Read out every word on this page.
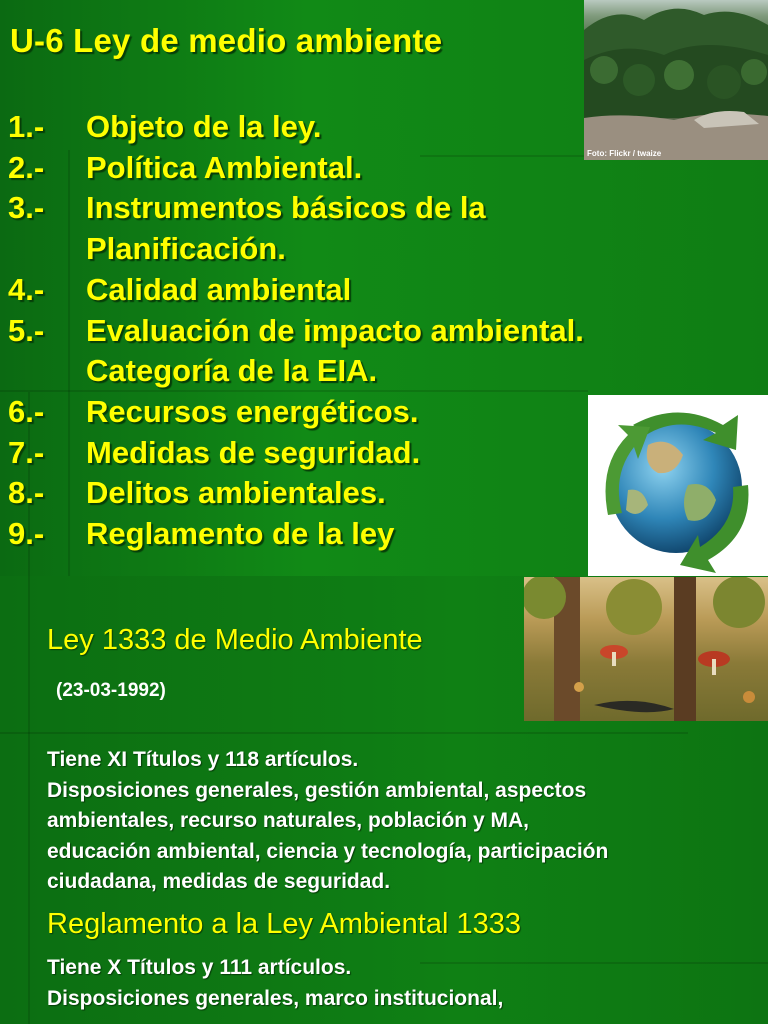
U-6 Ley de medio ambiente
Foto: Flickr / twaize
1.-	Objeto de la ley.
2.-	Política Ambiental.
3.-	Instrumentos básicos de la Planificación.
4.-	Calidad ambiental
5.-	Evaluación de impacto ambiental. Categoría de la EIA.
6.-	Recursos energéticos.
7.-	Medidas de seguridad.
8.-	Delitos ambientales.
9.-	Reglamento de la ley
Ley 1333 de Medio Ambiente
(23-03-1992)
Tiene XI Títulos y 118 artículos.
Disposiciones generales, gestión ambiental, aspectos
ambientales, recurso naturales, población y MA,
educación ambiental, ciencia y tecnología, participación
ciudadana, medidas de seguridad.
Reglamento a la Ley Ambiental 1333
Tiene X Títulos y 111 artículos.
Disposiciones generales, marco institucional,
